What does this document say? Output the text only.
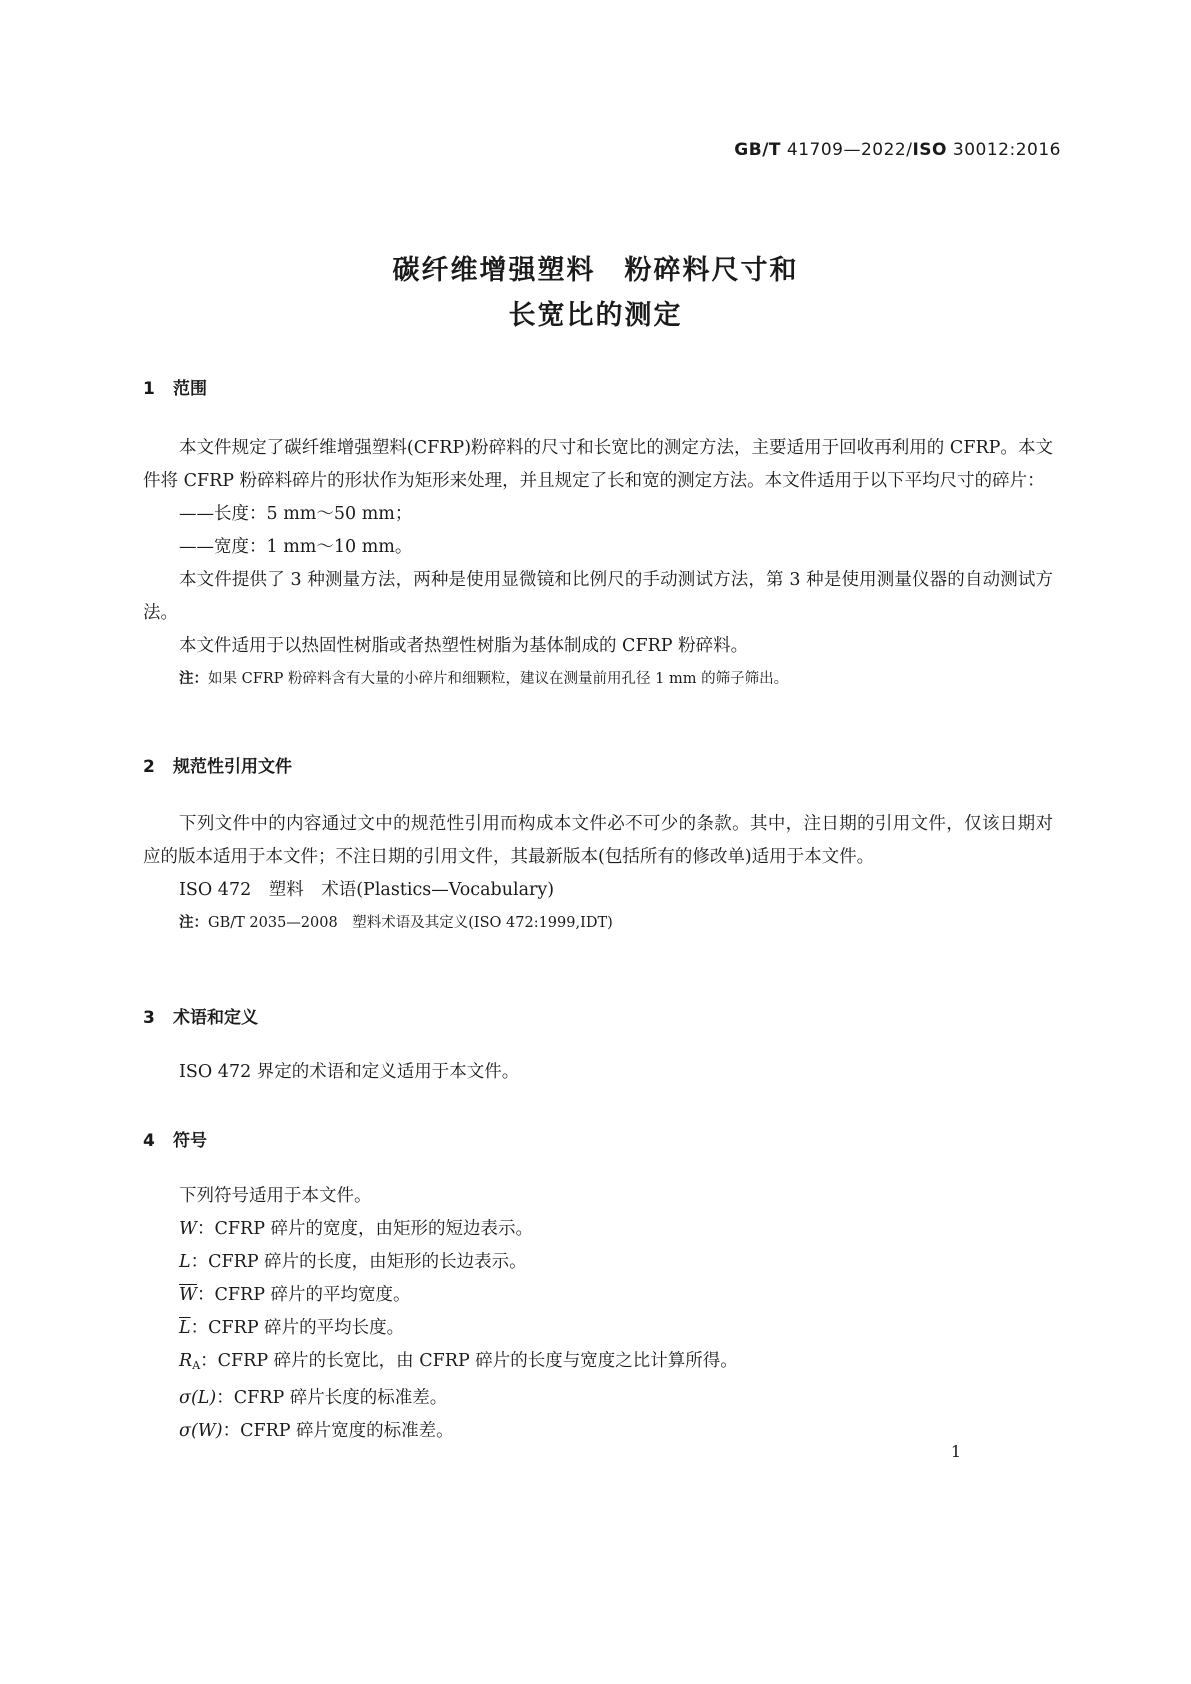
GB/T 41709—2022/ISO 30012:2016
碳纤维增强塑料　粉碎料尺寸和
长宽比的测定
1 范围

本文件规定了碳纤维增强塑料(CFRP)粉碎料的尺寸和长宽比的测定方法，主要适用于回收再利用的 CFRP。本文件将 CFRP 粉碎料碎片的形状作为矩形来处理，并且规定了长和宽的测定方法。本文件适用于以下平均尺寸的碎片：

——长度：5 mm～50 mm；

——宽度：1 mm～10 mm。

本文件提供了 3 种测量方法，两种是使用显微镜和比例尺的手动测试方法，第 3 种是使用测量仪器的自动测试方法。

本文件适用于以热固性树脂或者热塑性树脂为基体制成的 CFRP 粉碎料。

注：如果 CFRP 粉碎料含有大量的小碎片和细颗粒，建议在测量前用孔径 1 mm 的筛子筛出。

2 规范性引用文件

下列文件中的内容通过文中的规范性引用而构成本文件必不可少的条款。其中，注日期的引用文件，仅该日期对应的版本适用于本文件；不注日期的引用文件，其最新版本(包括所有的修改单)适用于本文件。

ISO 472　塑料　术语(Plastics—Vocabulary)

注：GB/T 2035—2008　塑料术语及其定义(ISO 472:1999,IDT)

3 术语和定义

ISO 472 界定的术语和定义适用于本文件。

4 符号

下列符号适用于本文件。

W：CFRP 碎片的宽度，由矩形的短边表示。

L：CFRP 碎片的长度，由矩形的长边表示。

$\overline{W}$：CFRP 碎片的平均宽度。

$\overline{L}$：CFRP 碎片的平均长度。

$R_A$：CFRP 碎片的长宽比，由 CFRP 碎片的长度与宽度之比计算所得。

σ(L)：CFRP 碎片长度的标准差。

σ(W)：CFRP 碎片宽度的标准差。

1
